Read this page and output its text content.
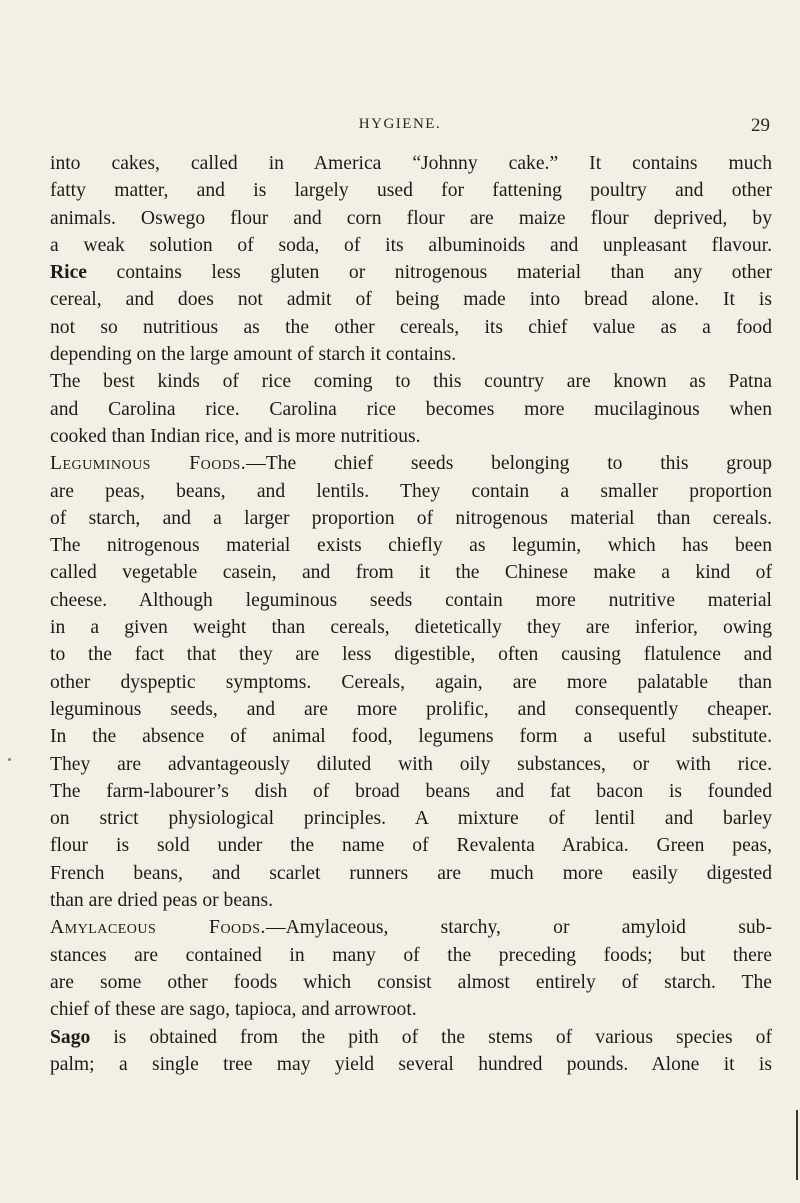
HYGIENE.	29
into cakes, called in America “Johnny cake.” It contains much
fatty matter, and is largely used for fattening poultry and other
animals. Oswego flour and corn flour are maize flour deprived, by
a weak solution of soda, of its albuminoids and unpleasant flavour.
Rice contains less gluten or nitrogenous material than any other
cereal, and does not admit of being made into bread alone. It is
not so nutritious as the other cereals, its chief value as a food
depending on the large amount of starch it contains.
The best kinds of rice coming to this country are known as Patna
and Carolina rice. Carolina rice becomes more mucilaginous when
cooked than Indian rice, and is more nutritious.
Leguminous Foods.—The chief seeds belonging to this group
are peas, beans, and lentils. They contain a smaller proportion
of starch, and a larger proportion of nitrogenous material than cereals.
The nitrogenous material exists chiefly as legumin, which has been
called vegetable casein, and from it the Chinese make a kind of
cheese. Although leguminous seeds contain more nutritive material
in a given weight than cereals, dietetically they are inferior, owing
to the fact that they are less digestible, often causing flatulence and
other dyspeptic symptoms. Cereals, again, are more palatable than
leguminous seeds, and are more prolific, and consequently cheaper.
In the absence of animal food, legumens form a useful substitute.
They are advantageously diluted with oily substances, or with rice.
The farm-labourer’s dish of broad beans and fat bacon is founded
on strict physiological principles. A mixture of lentil and barley
flour is sold under the name of Revalenta Arabica. Green peas,
French beans, and scarlet runners are much more easily digested
than are dried peas or beans.
Amylaceous Foods.—Amylaceous, starchy, or amyloid sub-
stances are contained in many of the preceding foods; but there
are some other foods which consist almost entirely of starch. The
chief of these are sago, tapioca, and arrowroot.
Sago is obtained from the pith of the stems of various species of
palm; a single tree may yield several hundred pounds. Alone it is
